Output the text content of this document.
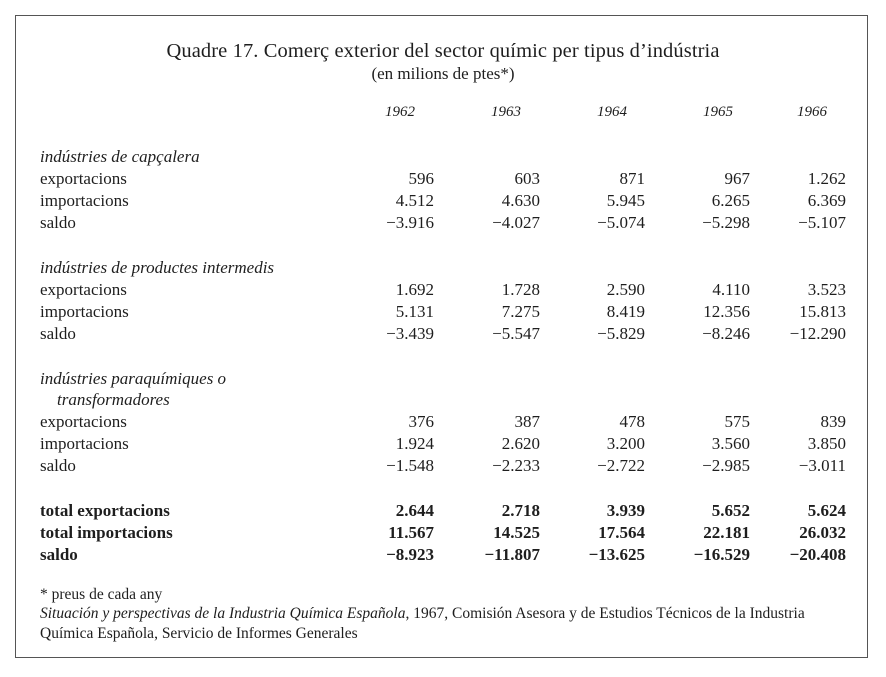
Quadre 17. Comerç exterior del sector químic per tipus d’indústria
(en milions de ptes*)
1962	1963	1964	1965	1966
indústries de capçalera
exportacions	596	603	871	967	1.262
importacions	4.512	4.630	5.945	6.265	6.369
saldo	−3.916	−4.027	−5.074	−5.298	−5.107
indústries de productes intermedis
exportacions	1.692	1.728	2.590	4.110	3.523
importacions	5.131	7.275	8.419	12.356	15.813
saldo	−3.439	−5.547	−5.829	−8.246	−12.290
indústries paraquímiques o
transformadores
exportacions	376	387	478	575	839
importacions	1.924	2.620	3.200	3.560	3.850
saldo	−1.548	−2.233	−2.722	−2.985	−3.011
total exportacions	2.644	2.718	3.939	5.652	5.624
total importacions	11.567	14.525	17.564	22.181	26.032
saldo	−8.923	−11.807	−13.625	−16.529	−20.408
* preus de cada any
Situación y perspectivas de la Industria Química Española, 1967, Comisión Asesora y de Estudios Técnicos de la Industria Química Española, Servicio de Informes Generales
